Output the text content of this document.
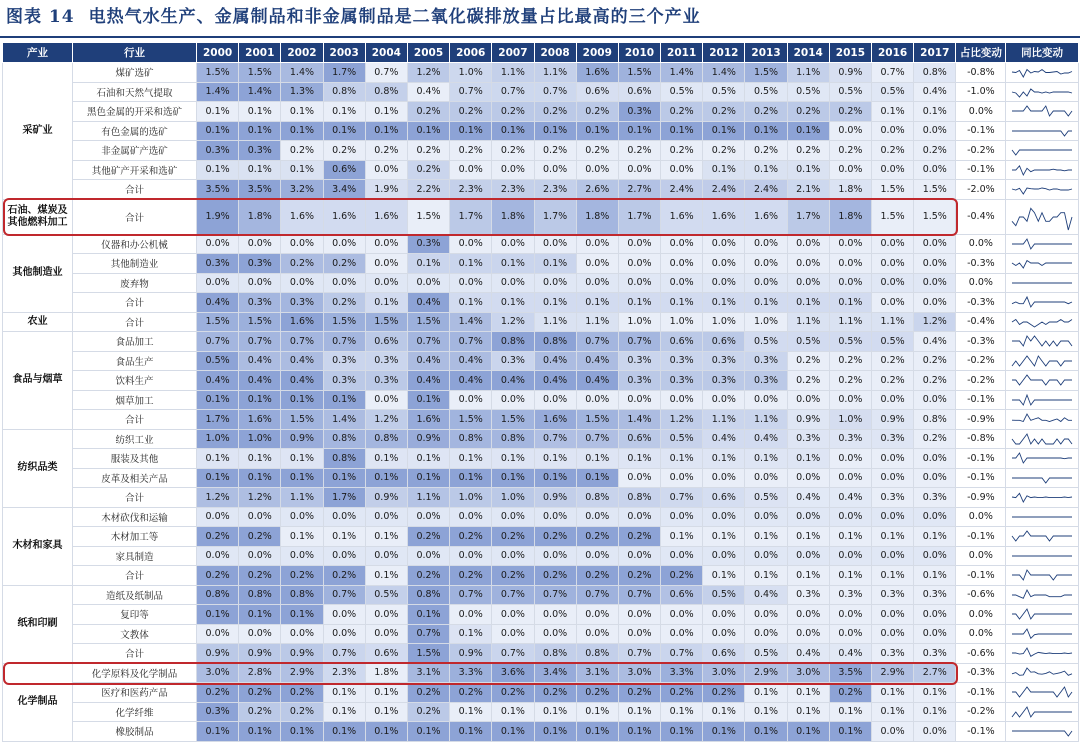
图表 14 电热气水生产、金属制品和非金属制品是二氧化碳排放量占比最高的三个产业
产业	行业	2000	2001	2002	2003	2004	2005	2006	2007	2008	2009	2010	2011	2012	2013	2014	2015	2016	2017	占比变动	同比变动
采矿业	煤矿选矿	1.5%	1.5%	1.4%	1.7%	0.7%	1.2%	1.0%	1.1%	1.1%	1.6%	1.5%	1.4%	1.4%	1.5%	1.1%	0.9%	0.7%	0.8%	-0.8%	

	石油和天然气提取	1.4%	1.4%	1.3%	0.8%	0.8%	0.4%	0.7%	0.7%	0.7%	0.6%	0.6%	0.5%	0.5%	0.5%	0.5%	0.5%	0.5%	0.4%	-1.0%	

	黑色金属的开采和选矿	0.1%	0.1%	0.1%	0.1%	0.1%	0.2%	0.2%	0.2%	0.2%	0.2%	0.3%	0.2%	0.2%	0.2%	0.2%	0.2%	0.1%	0.1%	0.0%	

	有色金属的选矿	0.1%	0.1%	0.1%	0.1%	0.1%	0.1%	0.1%	0.1%	0.1%	0.1%	0.1%	0.1%	0.1%	0.1%	0.1%	0.0%	0.0%	0.0%	-0.1%	

	非金属矿产选矿	0.3%	0.3%	0.2%	0.2%	0.2%	0.2%	0.2%	0.2%	0.2%	0.2%	0.2%	0.2%	0.2%	0.2%	0.2%	0.2%	0.2%	0.2%	-0.2%	

	其他矿产开采和选矿	0.1%	0.1%	0.1%	0.6%	0.0%	0.2%	0.0%	0.0%	0.0%	0.0%	0.0%	0.0%	0.1%	0.1%	0.1%	0.0%	0.0%	0.0%	-0.1%	

	合计	3.5%	3.5%	3.2%	3.4%	1.9%	2.2%	2.3%	2.3%	2.3%	2.6%	2.7%	2.4%	2.4%	2.4%	2.1%	1.8%	1.5%	1.5%	-2.0%	

石油、煤炭及其他燃料加工	合计	1.9%	1.8%	1.6%	1.6%	1.6%	1.5%	1.7%	1.8%	1.7%	1.8%	1.7%	1.6%	1.6%	1.6%	1.7%	1.8%	1.5%	1.5%	-0.4%	

其他制造业	仪器和办公机械	0.0%	0.0%	0.0%	0.0%	0.0%	0.3%	0.0%	0.0%	0.0%	0.0%	0.0%	0.0%	0.0%	0.0%	0.0%	0.0%	0.0%	0.0%	0.0%	

	其他制造业	0.3%	0.3%	0.2%	0.2%	0.0%	0.1%	0.1%	0.1%	0.1%	0.0%	0.0%	0.0%	0.0%	0.0%	0.0%	0.0%	0.0%	0.0%	-0.3%	

	废弃物	0.0%	0.0%	0.0%	0.0%	0.0%	0.0%	0.0%	0.0%	0.0%	0.0%	0.0%	0.0%	0.0%	0.0%	0.0%	0.0%	0.0%	0.0%	0.0%	

	合计	0.4%	0.3%	0.3%	0.2%	0.1%	0.4%	0.1%	0.1%	0.1%	0.1%	0.1%	0.1%	0.1%	0.1%	0.1%	0.1%	0.0%	0.0%	-0.3%	

农业	合计	1.5%	1.5%	1.6%	1.5%	1.5%	1.5%	1.4%	1.2%	1.1%	1.1%	1.0%	1.0%	1.0%	1.0%	1.1%	1.1%	1.1%	1.2%	-0.4%	

食品与烟草	食品加工	0.7%	0.7%	0.7%	0.7%	0.6%	0.7%	0.7%	0.8%	0.8%	0.7%	0.7%	0.6%	0.6%	0.5%	0.5%	0.5%	0.5%	0.4%	-0.3%	

	食品生产	0.5%	0.4%	0.4%	0.3%	0.3%	0.4%	0.4%	0.3%	0.4%	0.4%	0.3%	0.3%	0.3%	0.3%	0.2%	0.2%	0.2%	0.2%	-0.2%	

	饮料生产	0.4%	0.4%	0.4%	0.3%	0.3%	0.4%	0.4%	0.4%	0.4%	0.4%	0.3%	0.3%	0.3%	0.3%	0.2%	0.2%	0.2%	0.2%	-0.2%	

	烟草加工	0.1%	0.1%	0.1%	0.1%	0.0%	0.1%	0.0%	0.0%	0.0%	0.0%	0.0%	0.0%	0.0%	0.0%	0.0%	0.0%	0.0%	0.0%	-0.1%	

	合计	1.7%	1.6%	1.5%	1.4%	1.2%	1.6%	1.5%	1.5%	1.6%	1.5%	1.4%	1.2%	1.1%	1.1%	0.9%	1.0%	0.9%	0.8%	-0.9%	

纺织品类	纺织工业	1.0%	1.0%	0.9%	0.8%	0.8%	0.9%	0.8%	0.8%	0.7%	0.7%	0.6%	0.5%	0.4%	0.4%	0.3%	0.3%	0.3%	0.2%	-0.8%	

	服装及其他	0.1%	0.1%	0.1%	0.8%	0.1%	0.1%	0.1%	0.1%	0.1%	0.1%	0.1%	0.1%	0.1%	0.1%	0.1%	0.0%	0.0%	0.0%	-0.1%	

	皮革及相关产品	0.1%	0.1%	0.1%	0.1%	0.1%	0.1%	0.1%	0.1%	0.1%	0.1%	0.0%	0.0%	0.0%	0.0%	0.0%	0.0%	0.0%	0.0%	-0.1%	

	合计	1.2%	1.2%	1.1%	1.7%	0.9%	1.1%	1.0%	1.0%	0.9%	0.8%	0.8%	0.7%	0.6%	0.5%	0.4%	0.4%	0.3%	0.3%	-0.9%	

木材和家具	木材砍伐和运输	0.0%	0.0%	0.0%	0.0%	0.0%	0.0%	0.0%	0.0%	0.0%	0.0%	0.0%	0.0%	0.0%	0.0%	0.0%	0.0%	0.0%	0.0%	0.0%	

	木材加工等	0.2%	0.2%	0.1%	0.1%	0.1%	0.2%	0.2%	0.2%	0.2%	0.2%	0.2%	0.1%	0.1%	0.1%	0.1%	0.1%	0.1%	0.1%	-0.1%	

	家具制造	0.0%	0.0%	0.0%	0.0%	0.0%	0.0%	0.0%	0.0%	0.0%	0.0%	0.0%	0.0%	0.0%	0.0%	0.0%	0.0%	0.0%	0.0%	0.0%	

	合计	0.2%	0.2%	0.2%	0.2%	0.1%	0.2%	0.2%	0.2%	0.2%	0.2%	0.2%	0.2%	0.1%	0.1%	0.1%	0.1%	0.1%	0.1%	-0.1%	

纸和印刷	造纸及纸制品	0.8%	0.8%	0.8%	0.7%	0.5%	0.8%	0.7%	0.7%	0.7%	0.7%	0.7%	0.6%	0.5%	0.4%	0.3%	0.3%	0.3%	0.3%	-0.6%	

	复印等	0.1%	0.1%	0.1%	0.0%	0.0%	0.1%	0.0%	0.0%	0.0%	0.0%	0.0%	0.0%	0.0%	0.0%	0.0%	0.0%	0.0%	0.0%	0.0%	

	文教体	0.0%	0.0%	0.0%	0.0%	0.0%	0.7%	0.1%	0.0%	0.0%	0.0%	0.0%	0.0%	0.0%	0.0%	0.0%	0.0%	0.0%	0.0%	0.0%	

	合计	0.9%	0.9%	0.9%	0.7%	0.6%	1.5%	0.9%	0.7%	0.8%	0.8%	0.7%	0.7%	0.6%	0.5%	0.4%	0.4%	0.3%	0.3%	-0.6%	

化学制品	化学原料及化学制品	3.0%	2.8%	2.9%	2.3%	1.8%	3.1%	3.3%	3.6%	3.4%	3.1%	3.0%	3.3%	3.0%	2.9%	3.0%	3.5%	2.9%	2.7%	-0.3%	

	医疗和医药产品	0.2%	0.2%	0.2%	0.1%	0.1%	0.2%	0.2%	0.2%	0.2%	0.2%	0.2%	0.2%	0.2%	0.1%	0.1%	0.2%	0.1%	0.1%	-0.1%	

	化学纤维	0.3%	0.2%	0.2%	0.1%	0.1%	0.2%	0.1%	0.1%	0.1%	0.1%	0.1%	0.1%	0.1%	0.1%	0.1%	0.1%	0.1%	0.1%	-0.2%	

	橡胶制品	0.1%	0.1%	0.1%	0.1%	0.1%	0.1%	0.1%	0.1%	0.1%	0.1%	0.1%	0.1%	0.1%	0.1%	0.1%	0.1%	0.0%	0.0%	-0.1%	
